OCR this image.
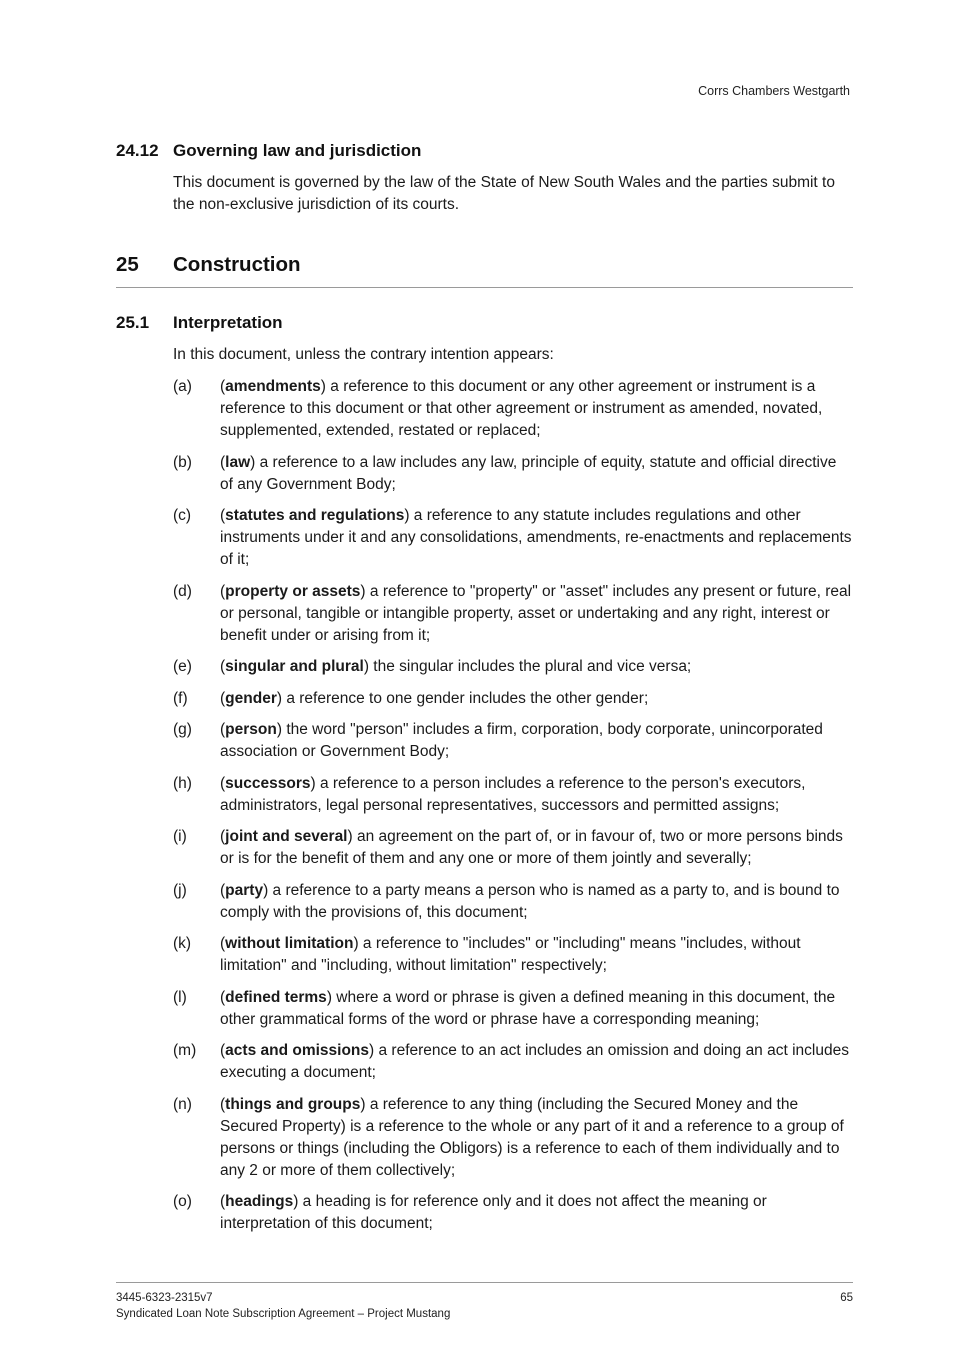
Corrs Chambers Westgarth
24.12 Governing law and jurisdiction
This document is governed by the law of the State of New South Wales and the parties submit to the non-exclusive jurisdiction of its courts.
25 Construction
25.1 Interpretation
In this document, unless the contrary intention appears:
(a)	(amendments) a reference to this document or any other agreement or instrument is a reference to this document or that other agreement or instrument as amended, novated, supplemented, extended, restated or replaced;
(b)	(law) a reference to a law includes any law, principle of equity, statute and official directive of any Government Body;
(c)	(statutes and regulations) a reference to any statute includes regulations and other instruments under it and any consolidations, amendments, re-enactments and replacements of it;
(d)	(property or assets) a reference to "property" or "asset" includes any present or future, real or personal, tangible or intangible property, asset or undertaking and any right, interest or benefit under or arising from it;
(e)	(singular and plural) the singular includes the plural and vice versa;
(f)	(gender) a reference to one gender includes the other gender;
(g)	(person) the word "person" includes a firm, corporation, body corporate, unincorporated association or Government Body;
(h)	(successors) a reference to a person includes a reference to the person's executors, administrators, legal personal representatives, successors and permitted assigns;
(i)	(joint and several) an agreement on the part of, or in favour of, two or more persons binds or is for the benefit of them and any one or more of them jointly and severally;
(j)	(party) a reference to a party means a person who is named as a party to, and is bound to comply with the provisions of, this document;
(k)	(without limitation) a reference to "includes" or "including" means "includes, without limitation" and "including, without limitation" respectively;
(l)	(defined terms) where a word or phrase is given a defined meaning in this document, the other grammatical forms of the word or phrase have a corresponding meaning;
(m)	(acts and omissions) a reference to an act includes an omission and doing an act includes executing a document;
(n)	(things and groups) a reference to any thing (including the Secured Money and the Secured Property) is a reference to the whole or any part of it and a reference to a group of persons or things (including the Obligors) is a reference to each of them individually and to any 2 or more of them collectively;
(o)	(headings) a heading is for reference only and it does not affect the meaning or interpretation of this document;
3445-6323-2315v7
Syndicated Loan Note Subscription Agreement – Project Mustang
65
